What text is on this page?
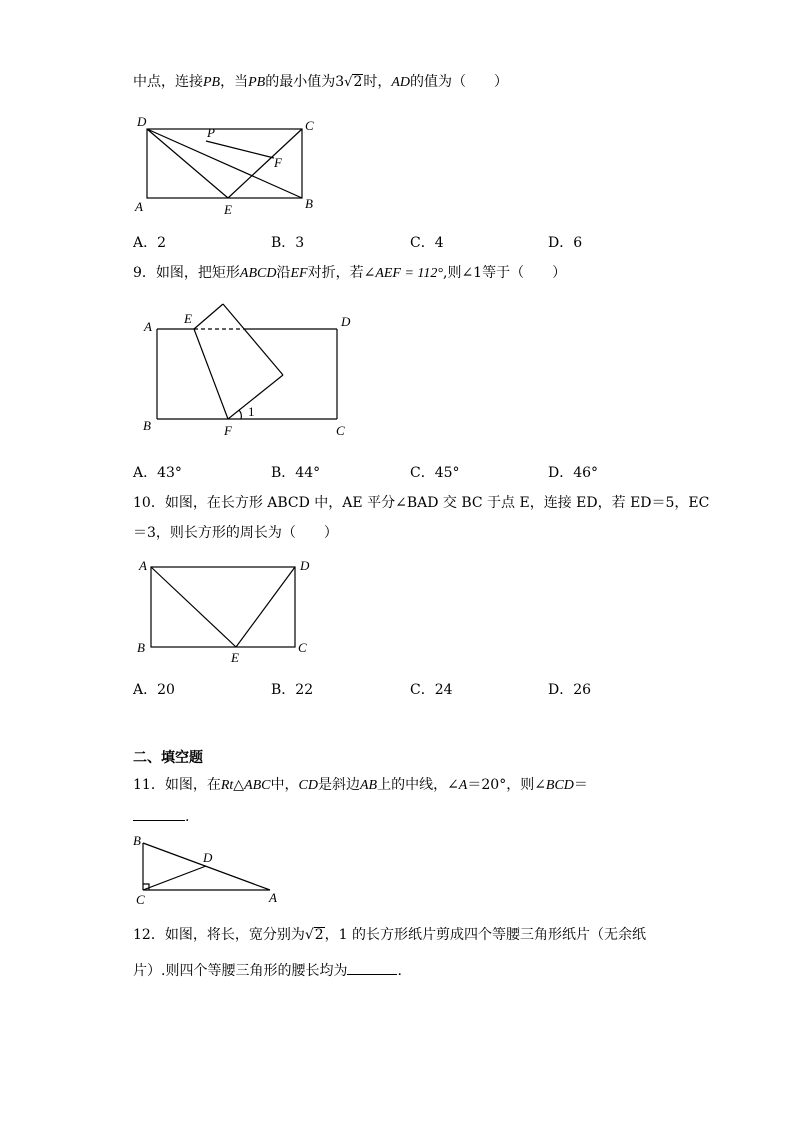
中点，连接PB，当PB的最小值为3√2时，AD的值为（　　）
D
P	C
F
A	E	B
A．2	B．3	C．4	D．6
9．如图，把矩形ABCD沿EF对折，若∠AEF = 112°,则∠1等于（　　）
A
E	D
B	F	C
1
A．43°	B．44°	C．45°	D．46°
10．如图，在长方形 ABCD 中，AE 平分∠BAD 交 BC 于点 E，连接 ED，若 ED＝5，EC
＝3，则长方形的周长为（　　）
A	D
B
E
C
A．20	B．22	C．24	D．26
二、填空题
11．如图，在Rt△ABC中，CD是斜边AB上的中线，∠A＝20°，则∠BCD＝
.
B
D
C	A
12．如图，将长，宽分别为√2，1 的长方形纸片剪成四个等腰三角形纸片（无余纸
片）.则四个等腰三角形的腰长均为	.
